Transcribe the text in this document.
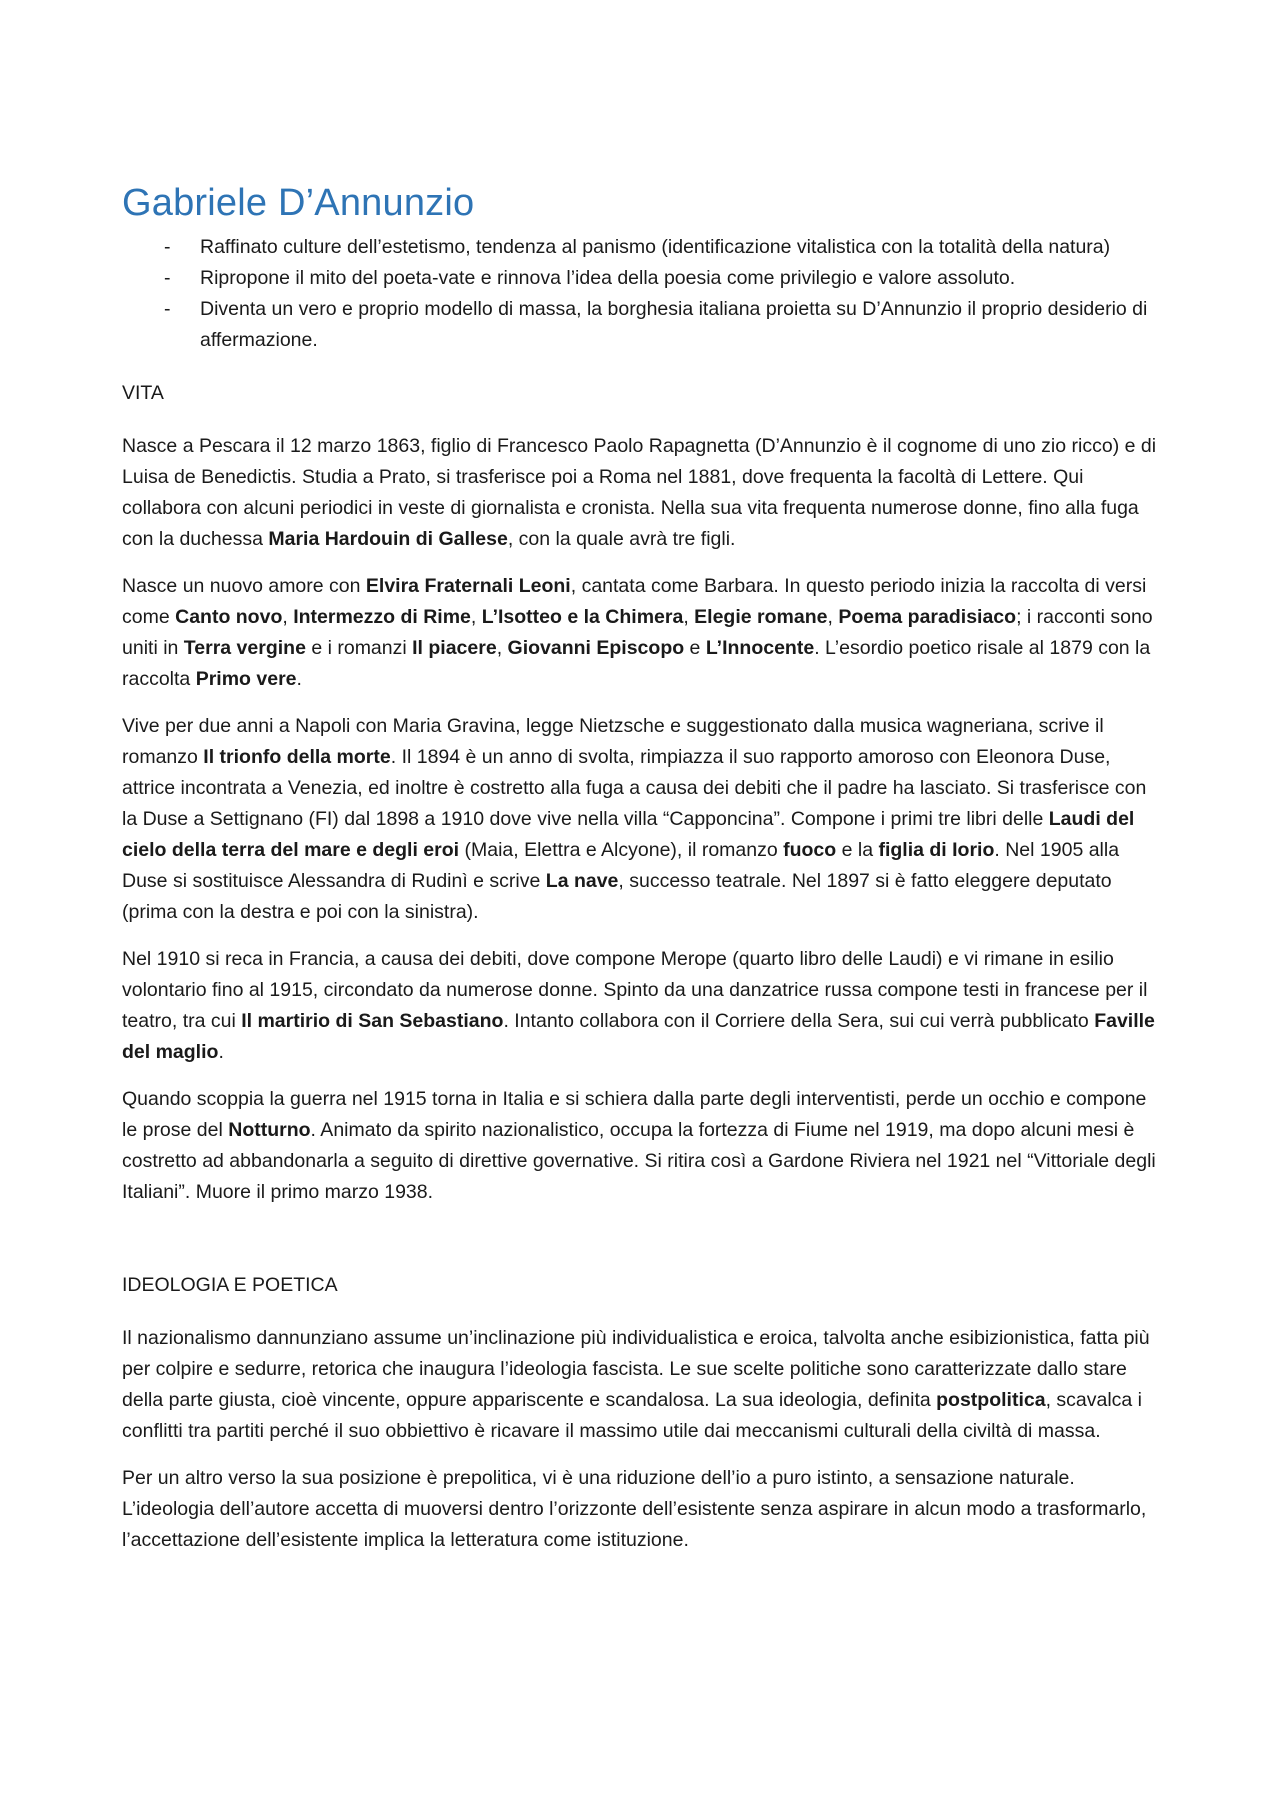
Gabriele D’Annunzio
- Raffinato culture dell’estetismo, tendenza al panismo (identificazione vitalistica con la totalità della natura)
- Ripropone il mito del poeta-vate e rinnova l’idea della poesia come privilegio e valore assoluto.
- Diventa un vero e proprio modello di massa, la borghesia italiana proietta su D’Annunzio il proprio desiderio di affermazione.
VITA

Nasce a Pescara il 12 marzo 1863, figlio di Francesco Paolo Rapagnetta (D’Annunzio è il cognome di uno zio ricco) e di Luisa de Benedictis. Studia a Prato, si trasferisce poi a Roma nel 1881, dove frequenta la facoltà di Lettere. Qui collabora con alcuni periodici in veste di giornalista e cronista. Nella sua vita frequenta numerose donne, fino alla fuga con la duchessa Maria Hardouin di Gallese, con la quale avrà tre figli.

Nasce un nuovo amore con Elvira Fraternali Leoni, cantata come Barbara. In questo periodo inizia la raccolta di versi come Canto novo, Intermezzo di Rime, L’Isotteo e la Chimera, Elegie romane, Poema paradisiaco; i racconti sono uniti in Terra vergine e i romanzi Il piacere, Giovanni Episcopo e L’Innocente. L’esordio poetico risale al 1879 con la raccolta Primo vere.

Vive per due anni a Napoli con Maria Gravina, legge Nietzsche e suggestionato dalla musica wagneriana, scrive il romanzo Il trionfo della morte. Il 1894 è un anno di svolta, rimpiazza il suo rapporto amoroso con Eleonora Duse, attrice incontrata a Venezia, ed inoltre è costretto alla fuga a causa dei debiti che il padre ha lasciato. Si trasferisce con la Duse a Settignano (FI) dal 1898 a 1910 dove vive nella villa “Capponcina”. Compone i primi tre libri delle Laudi del cielo della terra del mare e degli eroi (Maia, Elettra e Alcyone), il romanzo fuoco e la figlia di Iorio. Nel 1905 alla Duse si sostituisce Alessandra di Rudinì e scrive La nave, successo teatrale. Nel 1897 si è fatto eleggere deputato (prima con la destra e poi con la sinistra).

Nel 1910 si reca in Francia, a causa dei debiti, dove compone Merope (quarto libro delle Laudi) e vi rimane in esilio volontario fino al 1915, circondato da numerose donne. Spinto da una danzatrice russa compone testi in francese per il teatro, tra cui Il martirio di San Sebastiano. Intanto collabora con il Corriere della Sera, sui cui verrà pubblicato Faville del maglio.

Quando scoppia la guerra nel 1915 torna in Italia e si schiera dalla parte degli interventisti, perde un occhio e compone le prose del Notturno. Animato da spirito nazionalistico, occupa la fortezza di Fiume nel 1919, ma dopo alcuni mesi è costretto ad abbandonarla a seguito di direttive governative. Si ritira così a Gardone Riviera nel 1921 nel “Vittoriale degli Italiani”. Muore il primo marzo 1938.

IDEOLOGIA E POETICA

Il nazionalismo dannunziano assume un’inclinazione più individualistica e eroica, talvolta anche esibizionistica, fatta più per colpire e sedurre, retorica che inaugura l’ideologia fascista. Le sue scelte politiche sono caratterizzate dallo stare della parte giusta, cioè vincente, oppure appariscente e scandalosa. La sua ideologia, definita postpolitica, scavalca i conflitti tra partiti perché il suo obbiettivo è ricavare il massimo utile dai meccanismi culturali della civiltà di massa.

Per un altro verso la sua posizione è prepolitica, vi è una riduzione dell’io a puro istinto, a sensazione naturale. L’ideologia dell’autore accetta di muoversi dentro l’orizzonte dell’esistente senza aspirare in alcun modo a trasformarlo, l’accettazione dell’esistente implica la letteratura come istituzione.
